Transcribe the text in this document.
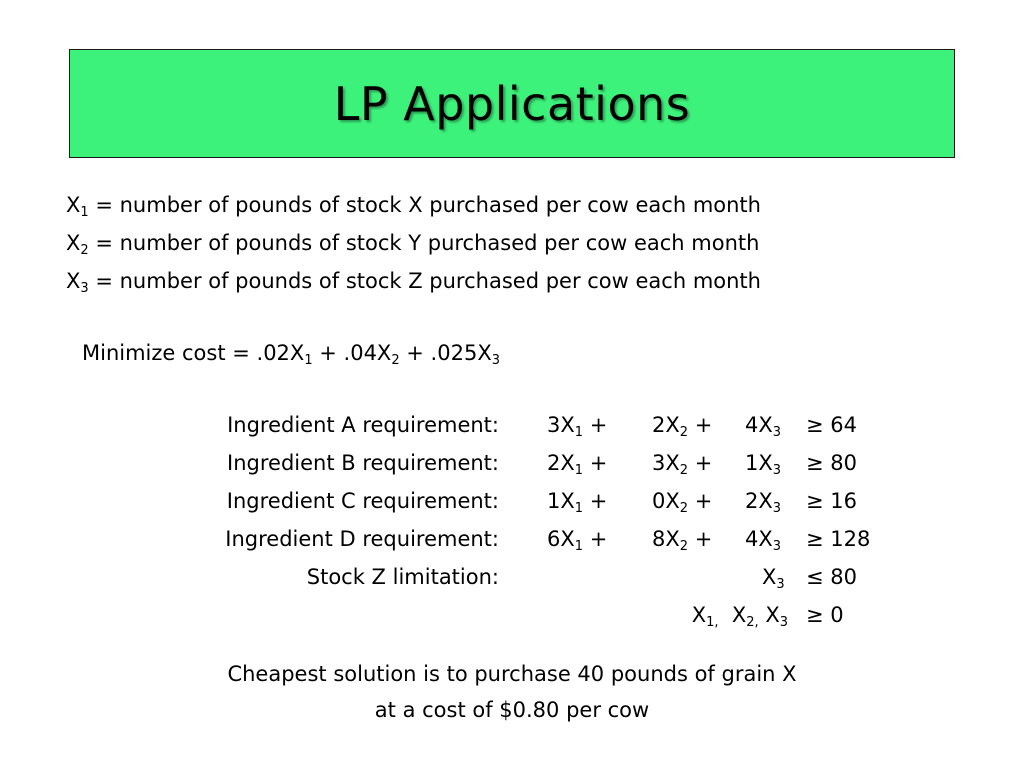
LP Applications
$X_1$ = number of pounds of stock X purchased per cow each month
$X_2$ = number of pounds of stock Y purchased per cow each month
$X_3$ = number of pounds of stock Z purchased per cow each month
Minimize $\cos t = .02X_1 + .04X_2 + .025X_3$
Ingredient A requirement: $3X_1 + 2X_2 + 4X_3 \ge 64$
Ingredient B requirement: $2X_1 + 3X_2 + 1X_3 \ge 80$
Ingredient C requirement: $1X_1 + 0X_2 + 2X_3 \ge 16$
Ingredient D requirement: $6X_1 + 8X_2 + 4X_3 \ge 128$
Stock Z limitation:	$X_3 \le 80$
$X_{1,}$ $X_{2,}$ $X_3 \ge 0$
Cheapest solution is to purchase 40 pounds of grain X
at a cost of $0.80 per cow
